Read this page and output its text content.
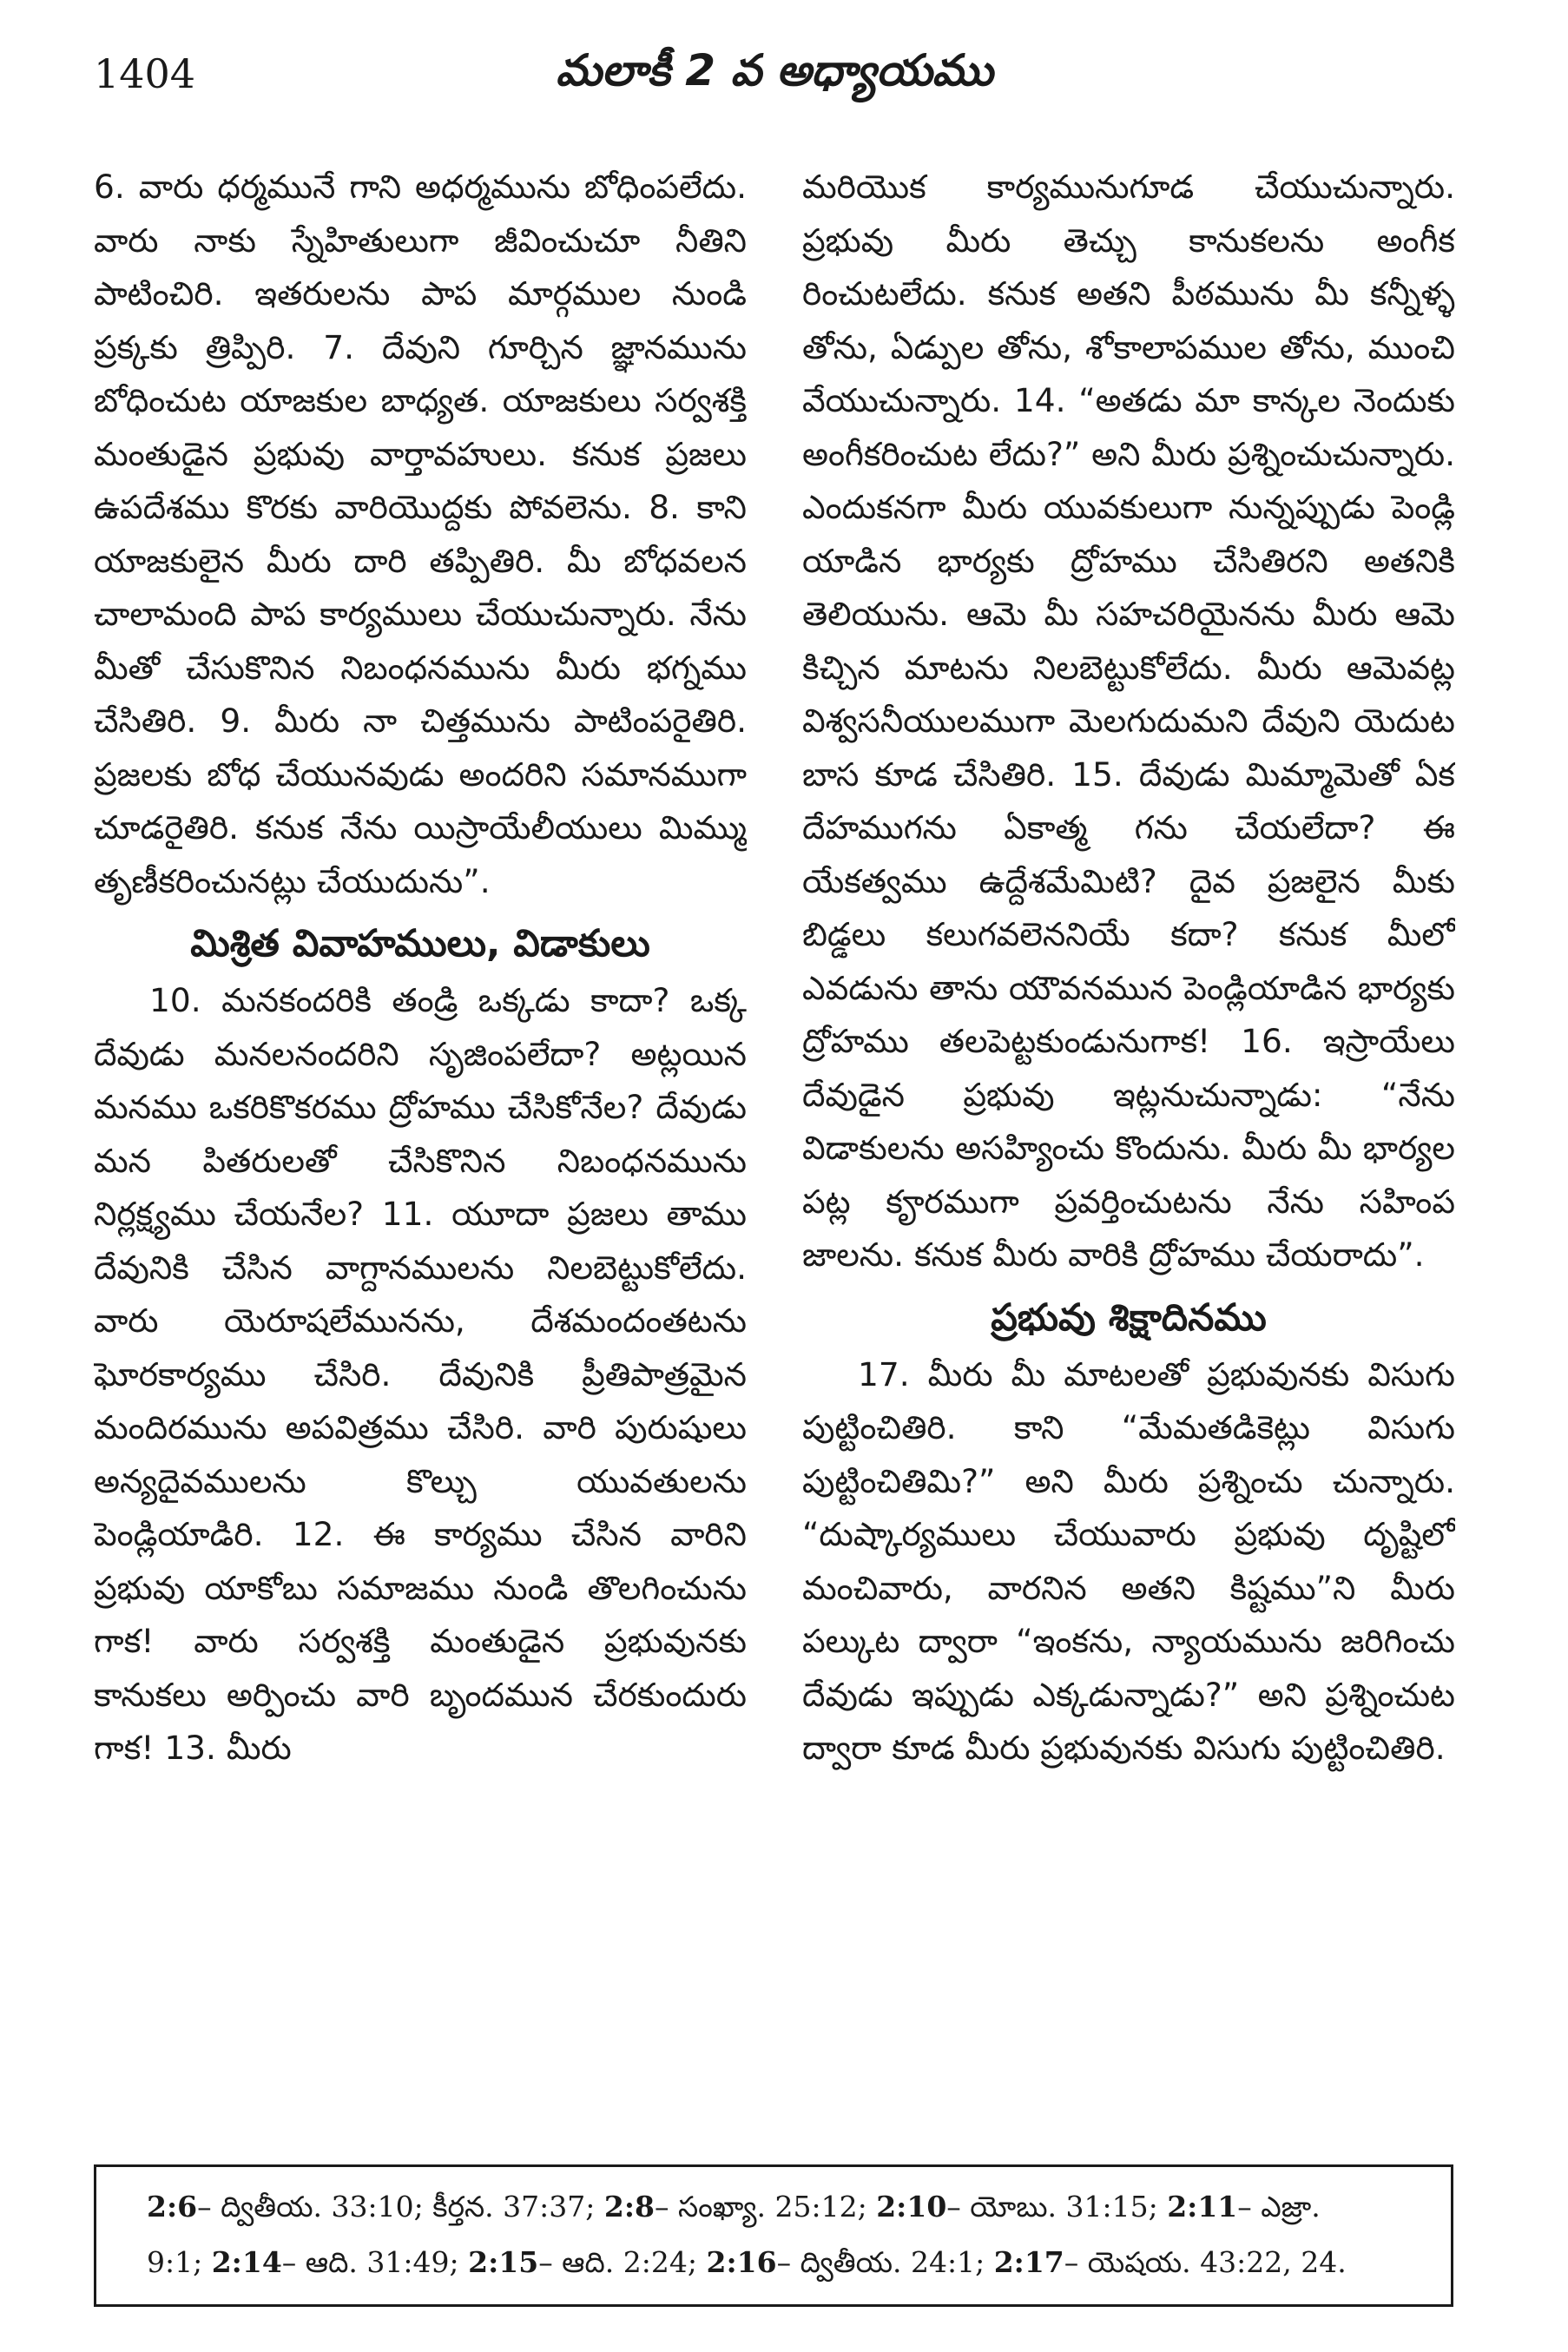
1404	మలాకీ 2 వ అధ్యాయము

6. వారు ధర్మమునే గాని అధర్మమును బోధింపలేదు. వారు నాకు స్నేహితులుగా జీవించుచూ నీతిని పాటించిరి. ఇతరులను పాప మార్గముల నుండి ప్రక్కకు త్రిప్పిరి. 7. దేవుని గూర్చిన జ్ఞానమును బోధించుట యాజకుల బాధ్యత. యాజకులు సర్వశక్తి మంతుడైన ప్రభువు వార్తావహులు. కనుక ప్రజలు ఉపదేశము కొరకు వారియొద్దకు పోవలెను. 8. కాని యాజకులైన మీరు దారి తప్పితిరి. మీ బోధవలన చాలామంది పాప కార్యములు చేయుచున్నారు. నేను మీతో చేసుకొనిన నిబంధనమును మీరు భగ్నము చేసితిరి. 9. మీరు నా చిత్తమును పాటింపరైతిరి. ప్రజలకు బోధ చేయునవుడు అందరిని సమానముగా చూడరైతిరి. కనుక నేను యిస్రాయేలీయులు మిమ్ము తృణీకరించునట్లు చేయుదును”.

మిశ్రిత వివాహములు, విడాకులు

10. మనకందరికి తండ్రి ఒక్కడు కాదా? ఒక్క దేవుడు మనలనందరిని సృజింపలేదా? అట్లయిన మనము ఒకరికొకరము ద్రోహము చేసికోనేల? దేవుడు మన పితరులతో చేసికొనిన నిబంధనమును నిర్లక్ష్యము చేయనేల? 11. యూదా ప్రజలు తాము దేవునికి చేసిన వాగ్దానములను నిలబెట్టుకోలేదు. వారు యెరూషలేమునను, దేశమందంతటను ఘోరకార్యము చేసిరి. దేవునికి ప్రీతిపాత్రమైన మందిరమును అపవిత్రము చేసిరి. వారి పురుషులు అన్యదైవములను కొల్చు యువతులను పెండ్లియాడిరి. 12. ఈ కార్యము చేసిన వారిని ప్రభువు యాకోబు సమాజము నుండి తొలగించును గాక! వారు సర్వశక్తి మంతుడైన ప్రభువునకు కానుకలు అర్పించు వారి బృందమున చేరకుందురు గాక! 13. మీరు

మరియొక కార్యమునుగూడ చేయుచున్నారు. ప్రభువు మీరు తెచ్చు కానుకలను అంగీక రించుటలేదు. కనుక అతని పీఠమును మీ కన్నీళ్ళ తోను, ఏడ్పుల తోను, శోకాలాపముల తోను, ముంచి వేయుచున్నారు. 14. “అతడు మా కాన్కల నెందుకు అంగీకరించుట లేదు?” అని మీరు ప్రశ్నించుచున్నారు. ఎందుకనగా మీరు యువకులుగా నున్నప్పుడు పెండ్లి యాడిన భార్యకు ద్రోహము చేసితిరని అతనికి తెలియును. ఆమె మీ సహచరియైనను మీరు ఆమె కిచ్చిన మాటను నిలబెట్టుకోలేదు. మీరు ఆమెవట్ల విశ్వసనీయులముగా మెలగుదుమని దేవుని యెదుట బాస కూడ చేసితిరి. 15. దేవుడు మిమ్మామెతో ఏక దేహముగను ఏకాత్మ గను చేయలేదా? ఈ యేకత్వము ఉద్దేశమేమిటి? దైవ ప్రజలైన మీకు బిడ్డలు కలుగవలెననియే కదా? కనుక మీలో ఎవడును తాను యౌవనమున పెండ్లియాడిన భార్యకు ద్రోహము తలపెట్టకుండునుగాక! 16. ఇస్రాయేలు దేవుడైన ప్రభువు ఇట్లనుచున్నాడు: “నేను విడాకులను అసహ్యించు కొందును. మీరు మీ భార్యల పట్ల కౄరముగా ప్రవర్తించుటను నేను సహింప జాలను. కనుక మీరు వారికి ద్రోహము చేయరాదు”.

ప్రభువు శిక్షాదినము

17. మీరు మీ మాటలతో ప్రభువునకు విసుగు పుట్టించితిరి. కాని “మేమతడికెట్లు విసుగు పుట్టించితిమి?” అని మీరు ప్రశ్నించు చున్నారు. “దుష్కార్యములు చేయువారు ప్రభువు దృష్టిలో మంచివారు, వారనిన అతని కిష్టము”ని మీరు పల్కుట ద్వారా “ఇంకను, న్యాయమును జరిగించు దేవుడు ఇప్పుడు ఎక్కడున్నాడు?” అని ప్రశ్నించుట ద్వారా కూడ మీరు ప్రభువునకు విసుగు పుట్టించితిరి.

2:6– ద్వితీయ. 33:10; కీర్తన. 37:37; 2:8– సంఖ్యా. 25:12; 2:10– యోబు. 31:15; 2:11– ఎజ్రా.
9:1; 2:14– ఆది. 31:49; 2:15– ఆది. 2:24; 2:16– ద్వితీయ. 24:1; 2:17– యెషయ. 43:22, 24.
